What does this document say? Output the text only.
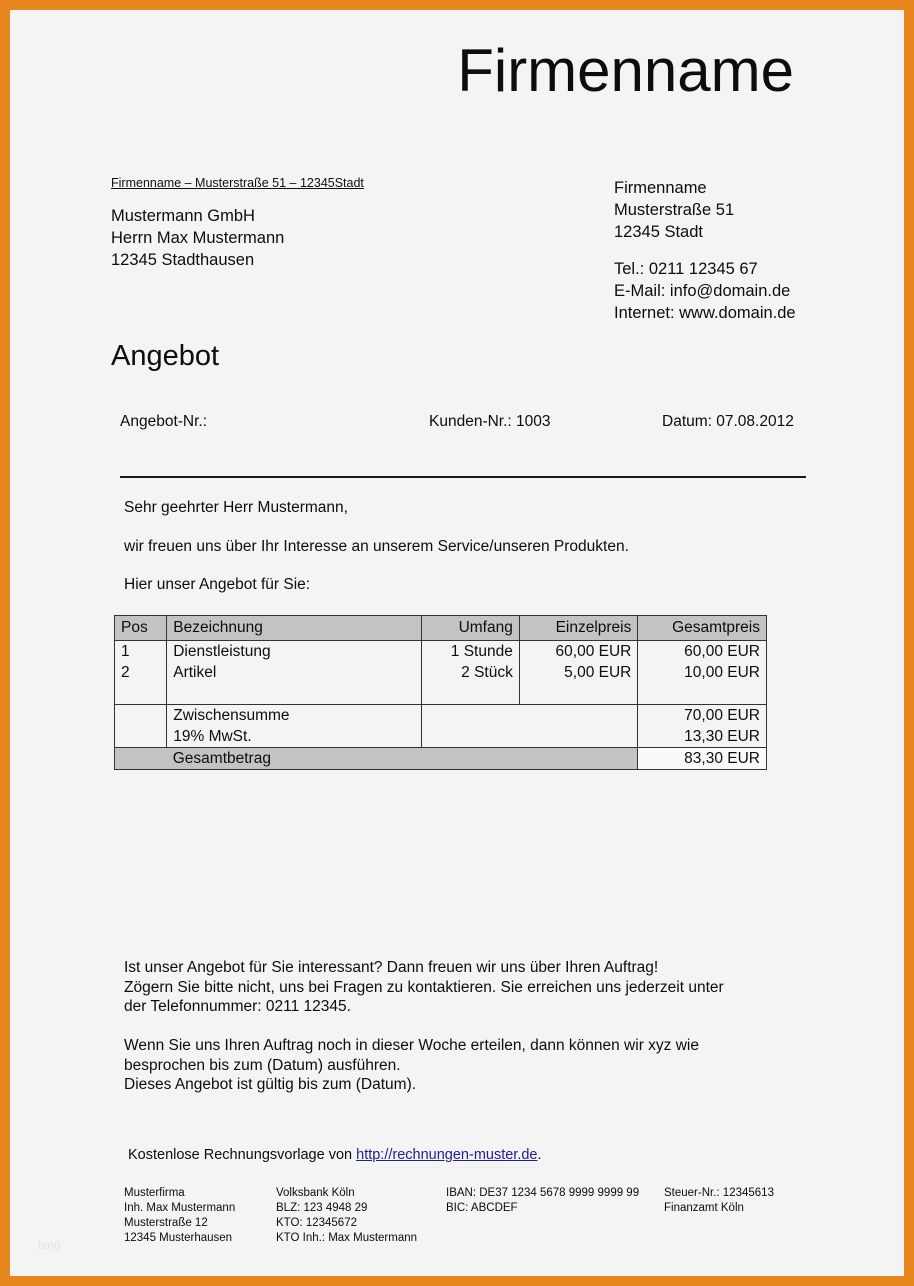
Firmenname
Firmenname – Musterstraße 51 – 12345Stadt
Mustermann GmbH
Herrn Max Mustermann
12345 Stadthausen
Firmenname
Musterstraße 51
12345 Stadt
Tel.: 0211 12345 67
E-Mail: info@domain.de
Internet: www.domain.de
Angebot
Angebot-Nr.:	Kunden-Nr.: 1003	Datum: 07.08.2012
Sehr geehrter Herr Mustermann,
wir freuen uns über Ihr Interesse an unserem Service/unseren Produkten.
Hier unser Angebot für Sie:
Pos	Bezeichnung	Umfang	Einzelpreis	Gesamtpreis
1	Dienstleistung	1 Stunde	60,00 EUR	60,00 EUR
2	Artikel	2 Stück	5,00 EUR	10,00 EUR

	Zwischensumme			70,00 EUR
	19% MwSt.			13,30 EUR
	Gesamtbetrag			83,30 EUR
Ist unser Angebot für Sie interessant? Dann freuen wir uns über Ihren Auftrag!
Zögern Sie bitte nicht, uns bei Fragen zu kontaktieren. Sie erreichen uns jederzeit unter
der Telefonnummer: 0211 12345.
Wenn Sie uns Ihren Auftrag noch in dieser Woche erteilen, dann können wir xyz wie
besprochen bis zum (Datum) ausführen.
Dieses Angebot ist gültig bis zum (Datum).
Kostenlose Rechnungsvorlage von http://rechnungen-muster.de.
Musterfirma
Inh. Max Mustermann
Musterstraße 12
12345 Musterhausen
Volksbank Köln
BLZ: 123 4948 29
KTO: 12345672
KTO Inh.: Max Mustermann
IBAN: DE37 1234 5678 9999 9999 99
BIC: ABCDEF
Steuer-Nr.: 12345613
Finanzamt Köln
blog
